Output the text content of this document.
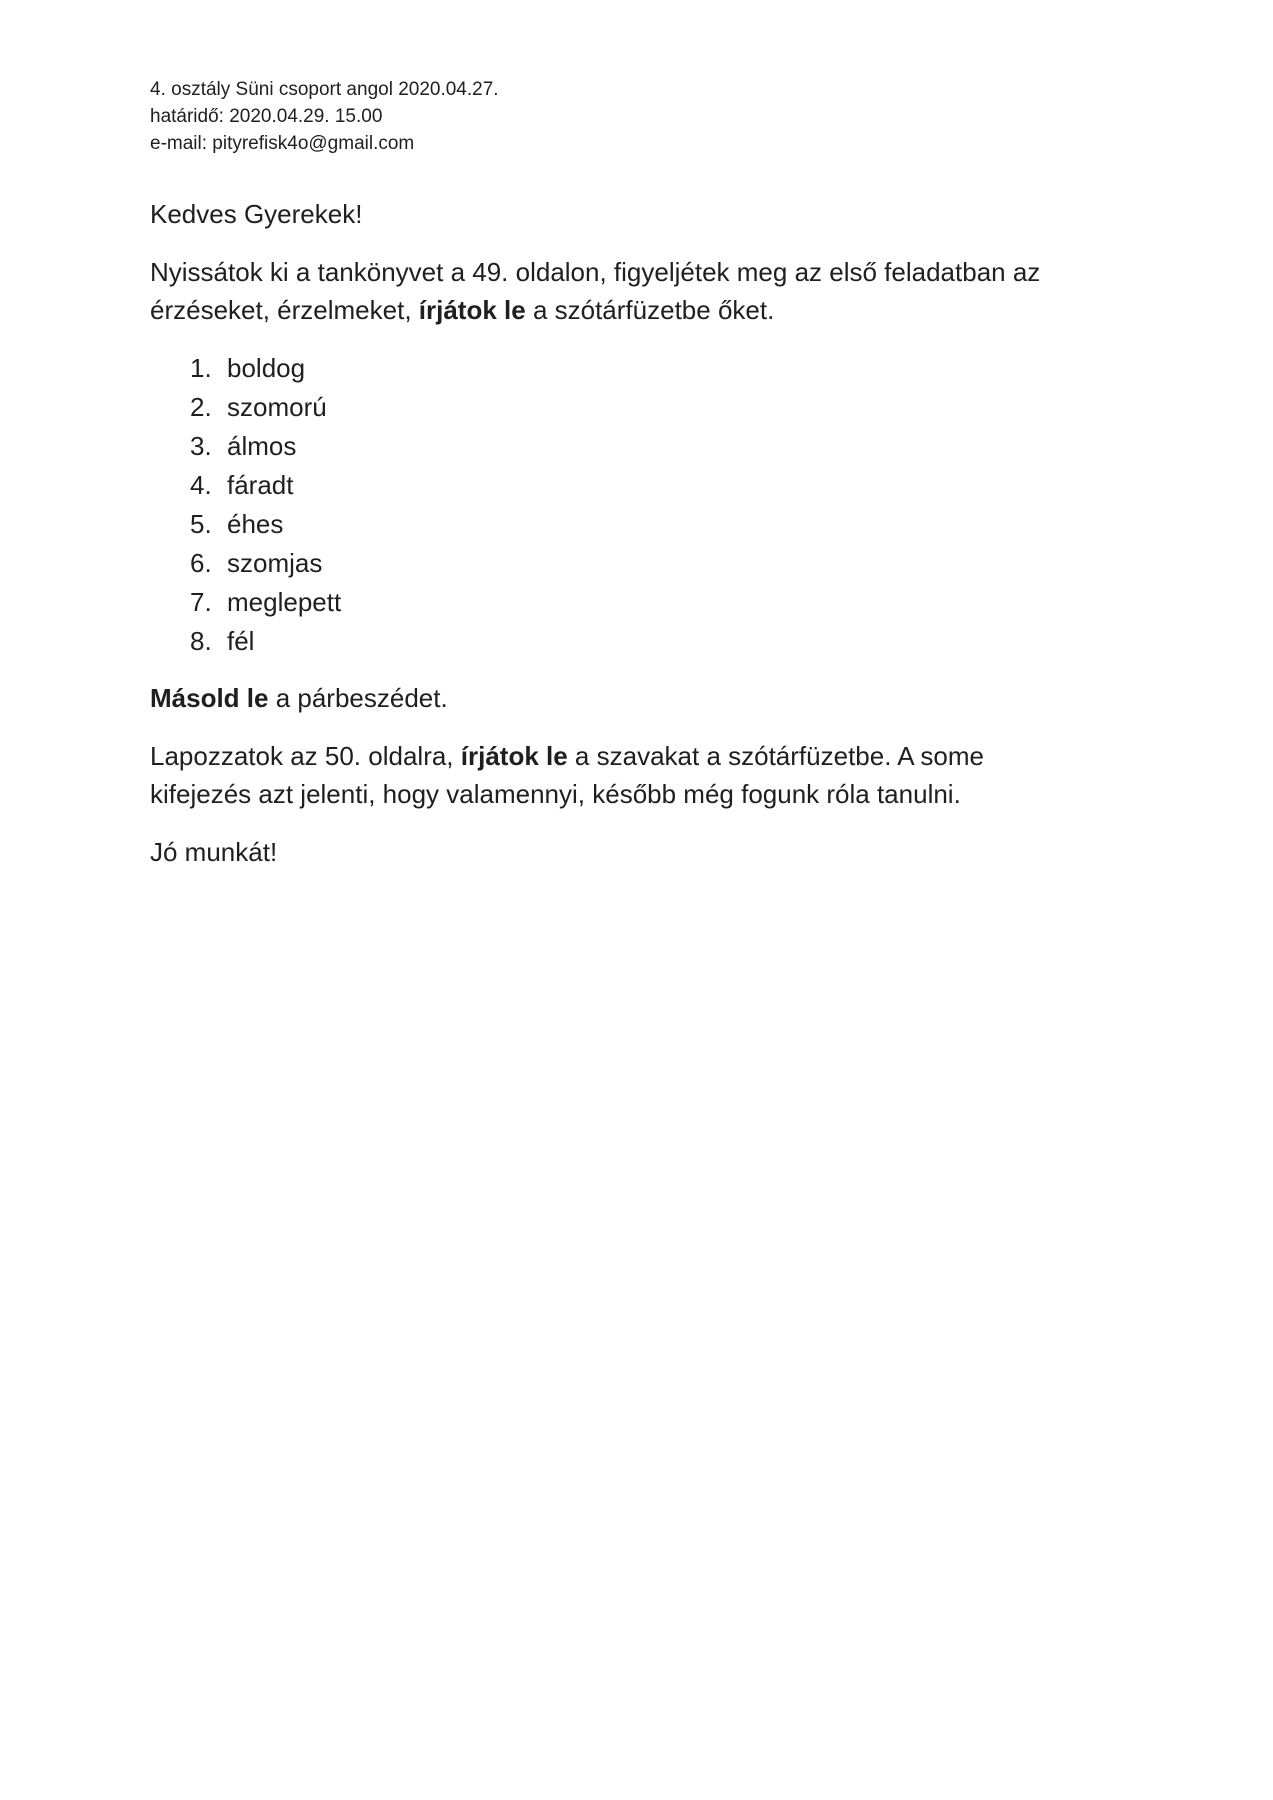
4. osztály Süni csoport angol 2020.04.27.
határidő: 2020.04.29. 15.00
e-mail: pityrefisk4o@gmail.com

Kedves Gyerekek!

Nyissátok ki a tankönyvet a 49. oldalon, figyeljétek meg az első feladatban az
érzéseket, érzelmeket, írjátok le a szótárfüzetbe őket.

1. boldog
2. szomorú
3. álmos
4. fáradt
5. éhes
6. szomjas
7. meglepett
8. fél

Másold le a párbeszédet.

Lapozzatok az 50. oldalra, írjátok le a szavakat a szótárfüzetbe. A some
kifejezés azt jelenti, hogy valamennyi, később még fogunk róla tanulni.

Jó munkát!
